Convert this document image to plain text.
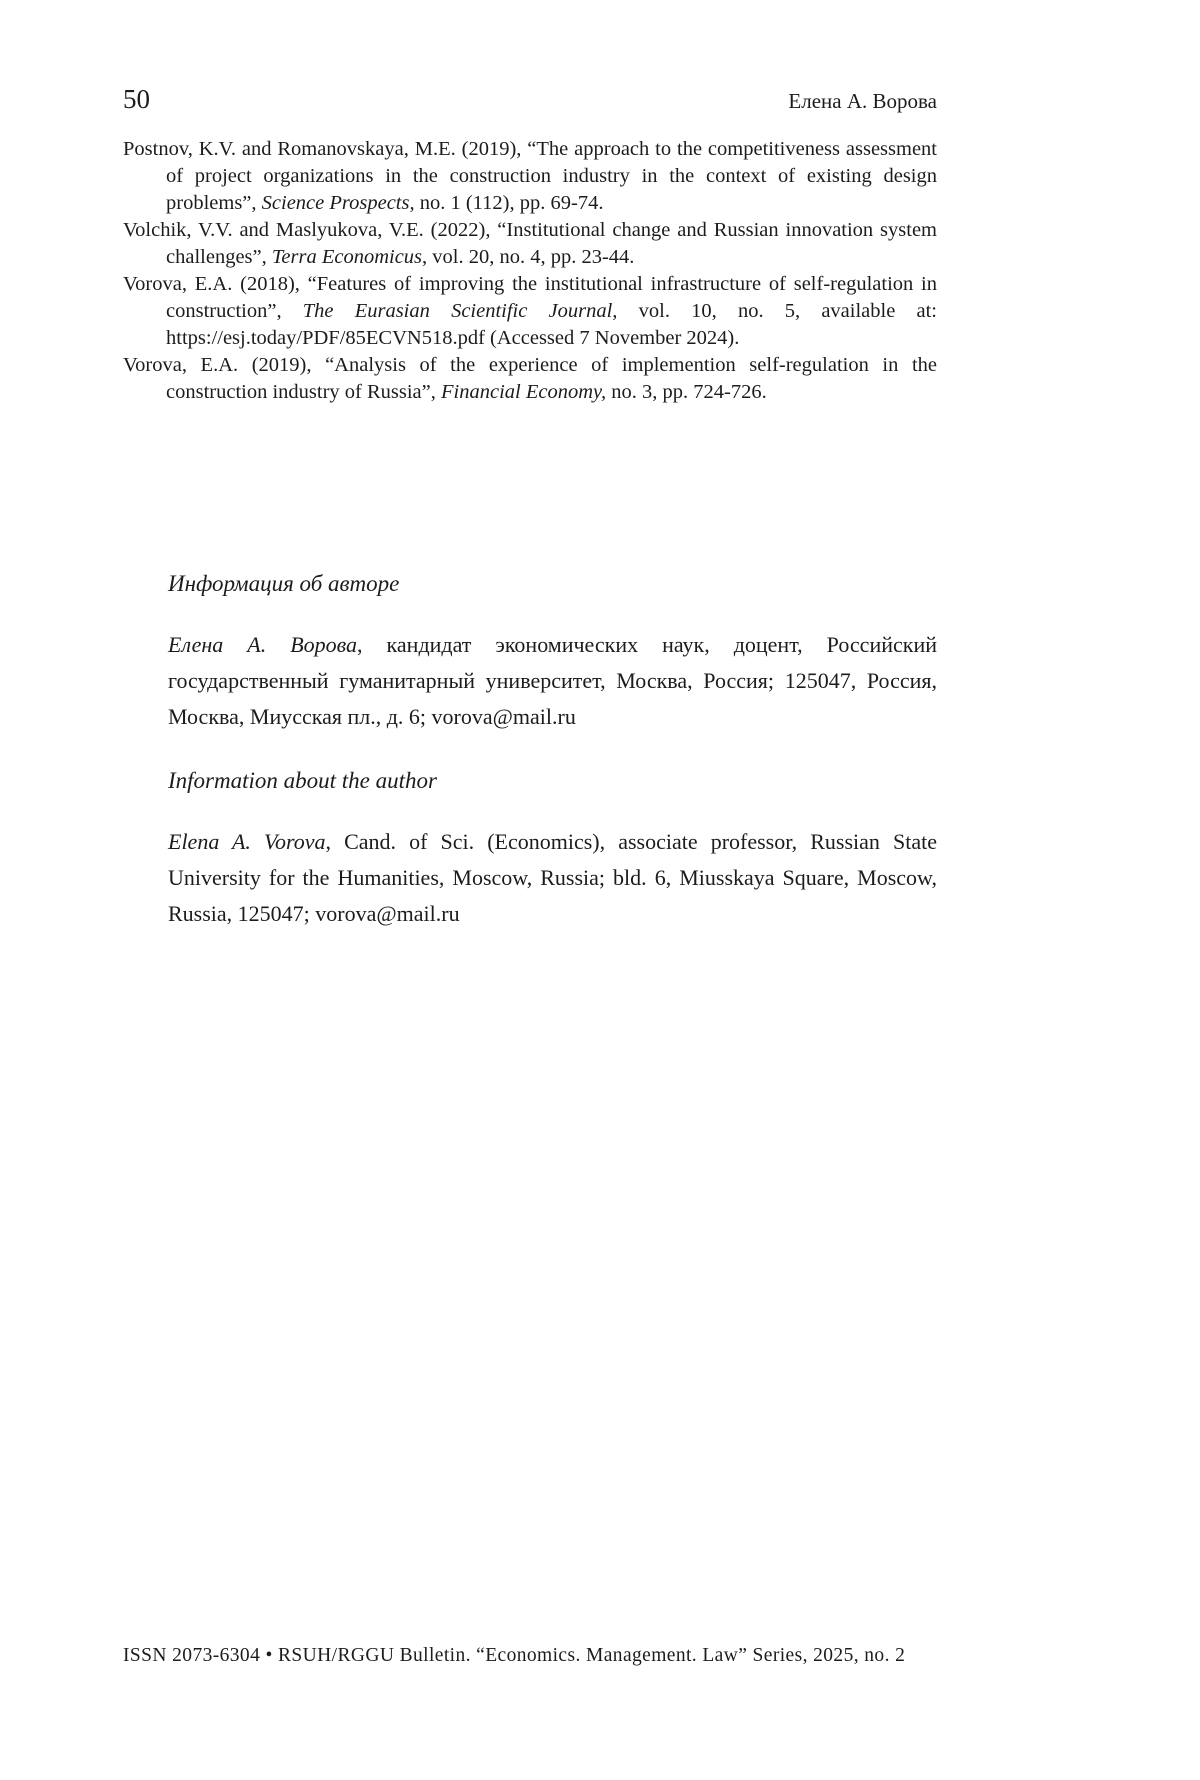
50	Елена А. Ворова

Postnov, K.V. and Romanovskaya, M.E. (2019), “The approach to the competitiveness assessment of project organizations in the construction industry in the context of existing design problems”, Science Prospects, no. 1 (112), pp. 69-74.

Volchik, V.V. and Maslyukova, V.E. (2022), “Institutional change and Russian innovation system challenges”, Terra Economicus, vol. 20, no. 4, pp. 23-44.

Vorova, E.A. (2018), “Features of improving the institutional infrastructure of self-regulation in construction”, The Eurasian Scientific Journal, vol. 10, no. 5, available at: https://esj.today/PDF/85ECVN518.pdf (Accessed 7 November 2024).

Vorova, E.A. (2019), “Analysis of the experience of implemention self-regulation in the construction industry of Russia”, Financial Economy, no. 3, pp. 724-726.

Информация об авторе

Елена А. Ворова, кандидат экономических наук, доцент, Российский государственный гуманитарный университет, Москва, Россия; 125047, Россия, Москва, Миусская пл., д. 6; vorova@mail.ru

Information about the author

Elena A. Vorova, Cand. of Sci. (Economics), associate professor, Russian State University for the Humanities, Moscow, Russia; bld. 6, Miusskaya Square, Moscow, Russia, 125047; vorova@mail.ru

ISSN 2073-6304 • RSUH/RGGU Bulletin. “Economics. Management. Law” Series, 2025, no. 2
